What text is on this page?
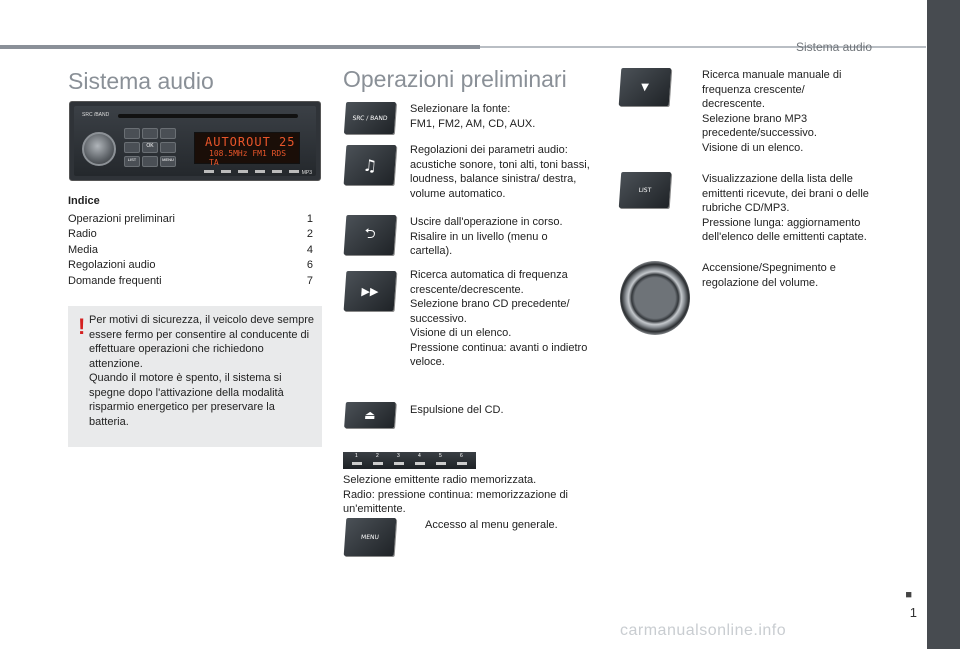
Sistema audio
Sistema audio
SRC /BAND
OK
LIST	MENU
AUTOROUT 25
108.5MHz FM1 RDS TA
MP3
Indice
Operazioni preliminari	1
Radio	2
Media	4
Regolazioni audio	6
Domande frequenti	7
! Per motivi di sicurezza, il veicolo deve sempre essere fermo per consentire al conducente di effettuare operazioni che richiedono attenzione.
Quando il motore è spento, il sistema si spegne dopo l'attivazione della modalità risparmio energetico per preservare la batteria.
Operazioni preliminari
SRC / BAND
Selezionare la fonte:
FM1, FM2, AM, CD, AUX.
♫
Regolazioni dei parametri audio: acustiche sonore, toni alti, toni bassi, loudness, balance sinistra/ destra, volume automatico.
⮌
Uscire dall'operazione in corso.
Risalire in un livello (menu o cartella).
▶▶
Ricerca automatica di frequenza crescente/decrescente.
Selezione brano CD precedente/ successivo.
Visione di un elenco.
Pressione continua: avanti o indietro veloce.
⏏	Espulsione del CD.
1	2	3	4	5	6
Selezione emittente radio memorizzata.
Radio: pressione continua: memorizzazione di un'emittente.
MENU
Accesso al menu generale.
▼
Ricerca manuale manuale di frequenza crescente/ decrescente.
Selezione brano MP3 precedente/successivo.
Visione di un elenco.
LIST
Visualizzazione della lista delle emittenti ricevute, dei brani o delle rubriche CD/MP3.
Pressione lunga: aggiornamento dell'elenco delle emittenti captate.
Accensione/Spegnimento e regolazione del volume.
■
1
carmanualsonline.info
